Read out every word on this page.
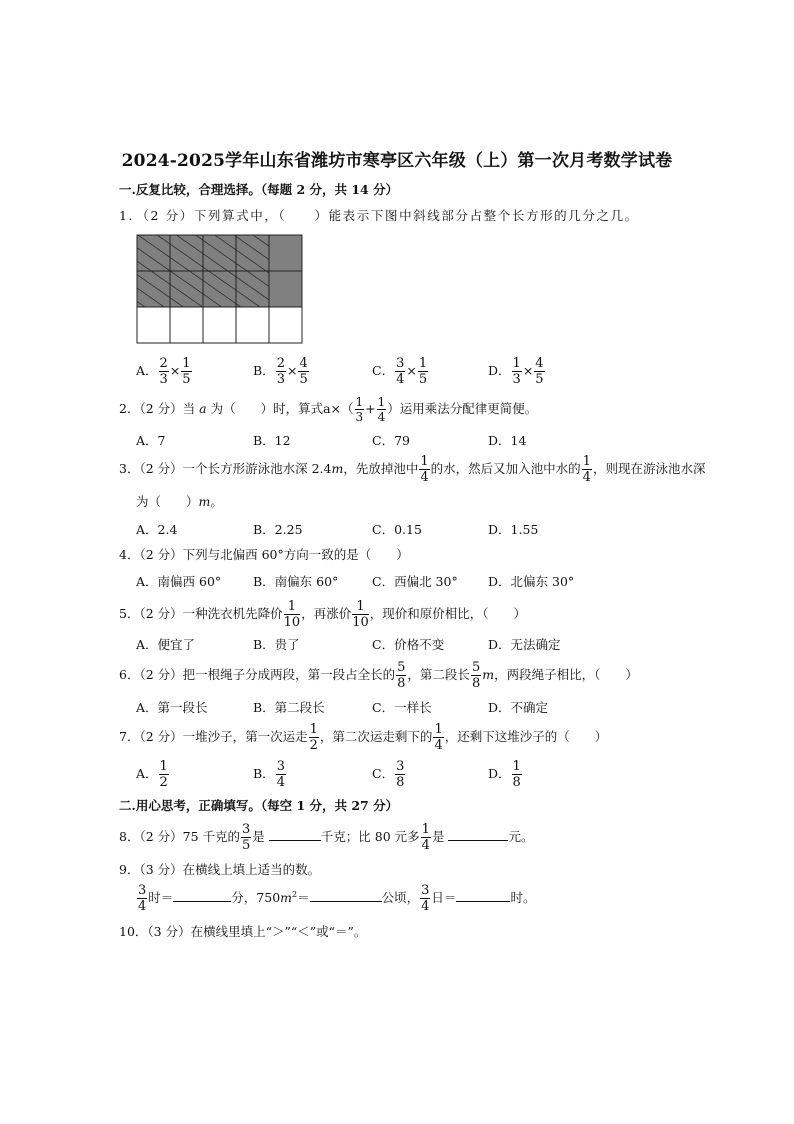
2024-2025学年山东省潍坊市寒亭区六年级（上）第一次月考数学试卷
一.反复比较，合理选择。（每题 2 分，共 14 分）
1．（2 分）下列算式中，（　　）能表示下图中斜线部分占整个长方形的几分之几。
A． $\frac{2}{3} \times \frac{1}{5}$	B． $\frac{2}{3} \times \frac{4}{5}$	C． $\frac{3}{4} \times \frac{1}{5}$	D． $\frac{1}{3} \times \frac{4}{5}$
2．（2 分）当 a 为（　　）时，算式$a\times( \frac{1}{3} + \frac{1}{4}$ ）运用乘法分配律更简便。
A．7	B．12	C．79	D．14
3．（2 分）一个长方形游泳池水深 2.4m，先放掉池中 $\frac{1}{4}$ 的水，然后又加入池中水的 $\frac{1}{4}$ ，则现在游泳池水深
为（　　）m。
A．2.4	B．2.25	C．0.15	D．1.55
4．（2 分）下列与北偏西 60°方向一致的是（　　）
A．南偏西 60°	B．南偏东 60°	C．西偏北 30° D．北偏东 30°
5．（2 分）一种洗衣机先降价 $\frac{1}{10}$ ，再涨价 $\frac{1}{10}$ ，现价和原价相比，（　　）
A．便宜了	B．贵了	C．价格不变	D．无法确定
6．（2 分）把一根绳子分成两段，第一段占全长的 $\frac{5}{8}$ ，第二段长 $\frac{5}{8}$ m，两段绳子相比，（　　）
A．第一段长	B．第二段长	C．一样长	D．不确定
7．（2 分）一堆沙子，第一次运走 $\frac{1}{2}$ ，第二次运走剩下的 $\frac{1}{4}$ ，还剩下这堆沙子的（　　）
A． $\frac{1}{2}$	B． $\frac{3}{4}$	C． $\frac{3}{8}$	D． $\frac{1}{8}$
二.用心思考，正确填写。（每空 1 分，共 27 分）
8．（2 分）75 千克的 $\frac{3}{5}$ 是	千克；比 80 元多 $\frac{1}{4}$ 是	元。
9．（3 分）在横线上填上适当的数。
$\frac{3}{4}$ 时＝	分，$750m^2=$	公顷， $\frac{3}{4}$ 日＝	时。
10．（3 分）在横线里填上“＞”“＜”或“＝”。
